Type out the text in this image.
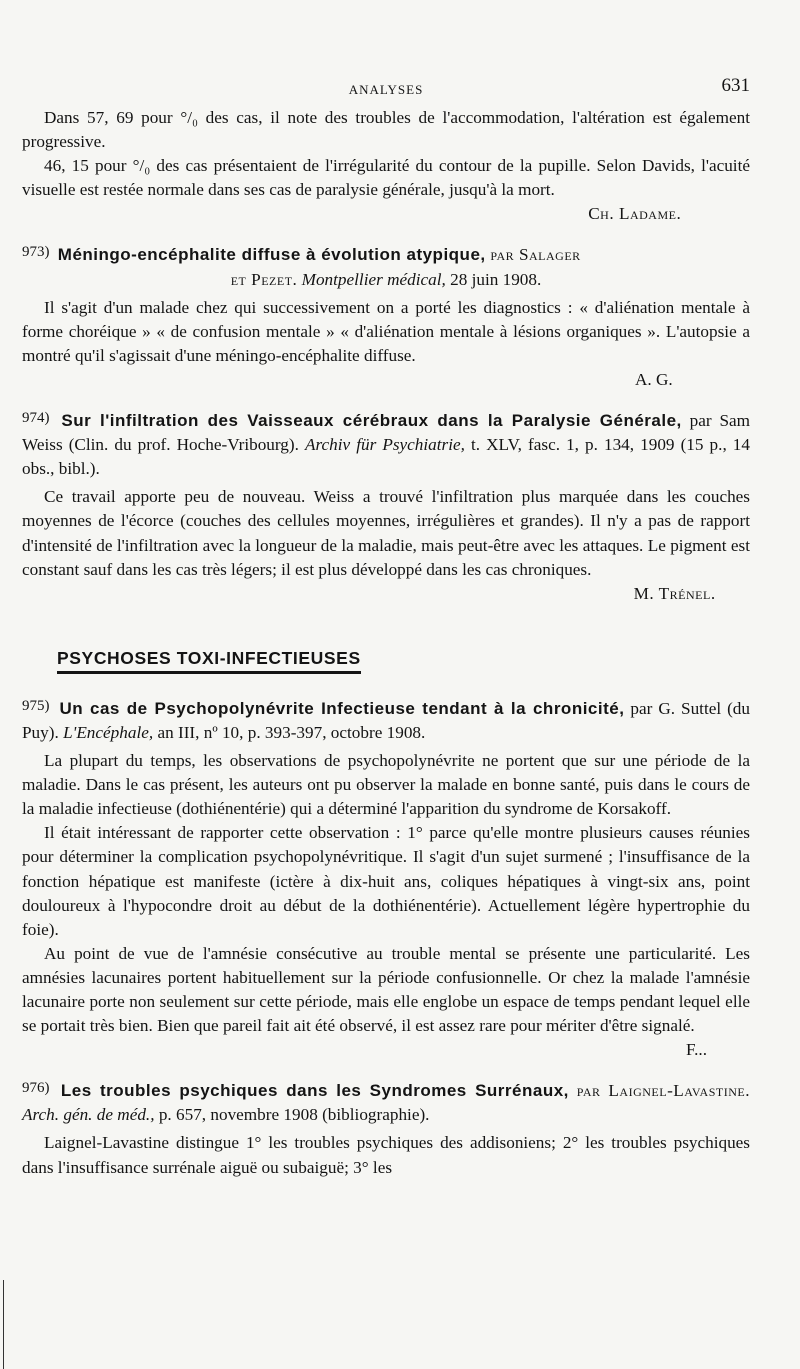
ANALYSES	631

Dans 57, 69 pour °/₀ des cas, il note des troubles de l'accommodation, l'altération est également progressive.

46, 15 pour °/₀ des cas présentaient de l'irrégularité du contour de la pupille. Selon Davids, l'acuité visuelle est restée normale dans ses cas de paralysie générale, jusqu'à la mort.

Ch. Ladame.

973) Méningo-encéphalite diffuse à évolution atypique, par Salager
et Pezet. Montpellier médical, 28 juin 1908.

Il s'agit d'un malade chez qui successivement on a porté les diagnostics : « d'aliénation mentale à forme choréique » « de confusion mentale » « d'aliénation mentale à lésions organiques ». L'autopsie a montré qu'il s'agissait d'une méningo-encéphalite diffuse.

A. G.

974) Sur l'infiltration des Vaisseaux cérébraux dans la Paralysie Générale, par Sam Weiss (Clin. du prof. Hoche-Vribourg). Archiv für Psychiatrie, t. XLV, fasc. 1, p. 134, 1909 (15 p., 14 obs., bibl.).

Ce travail apporte peu de nouveau. Weiss a trouvé l'infiltration plus marquée dans les couches moyennes de l'écorce (couches des cellules moyennes, irrégulières et grandes). Il n'y a pas de rapport d'intensité de l'infiltration avec la longueur de la maladie, mais peut-être avec les attaques. Le pigment est constant sauf dans les cas très légers; il est plus développé dans les cas chroniques.

M. Trénel.

PSYCHOSES TOXI-INFECTIEUSES
975) Un cas de Psychopolynévrite Infectieuse tendant à la chronicité, par G. Suttel (du Puy). L'Encéphale, an III, nº 10, p. 393-397, octobre 1908.

La plupart du temps, les observations de psychopolynévrite ne portent que sur une période de la maladie. Dans le cas présent, les auteurs ont pu observer la malade en bonne santé, puis dans le cours de la maladie infectieuse (dothiénentérie) qui a déterminé l'apparition du syndrome de Korsakoff.

Il était intéressant de rapporter cette observation : 1° parce qu'elle montre plusieurs causes réunies pour déterminer la complication psychopolynévritique. Il s'agit d'un sujet surmené ; l'insuffisance de la fonction hépatique est manifeste (ictère à dix-huit ans, coliques hépatiques à vingt-six ans, point douloureux à l'hypocondre droit au début de la dothiénentérie). Actuellement légère hypertrophie du foie).

Au point de vue de l'amnésie consécutive au trouble mental se présente une particularité. Les amnésies lacunaires portent habituellement sur la période confusionnelle. Or chez la malade l'amnésie lacunaire porte non seulement sur cette période, mais elle englobe un espace de temps pendant lequel elle se portait très bien. Bien que pareil fait ait été observé, il est assez rare pour mériter d'être signalé.

F...

976) Les troubles psychiques dans les Syndromes Surrénaux, par Laignel-Lavastine. Arch. gén. de méd., p. 657, novembre 1908 (bibliographie).

Laignel-Lavastine distingue 1° les troubles psychiques des addisoniens; 2° les troubles psychiques dans l'insuffisance surrénale aiguë ou subaiguë; 3° les
